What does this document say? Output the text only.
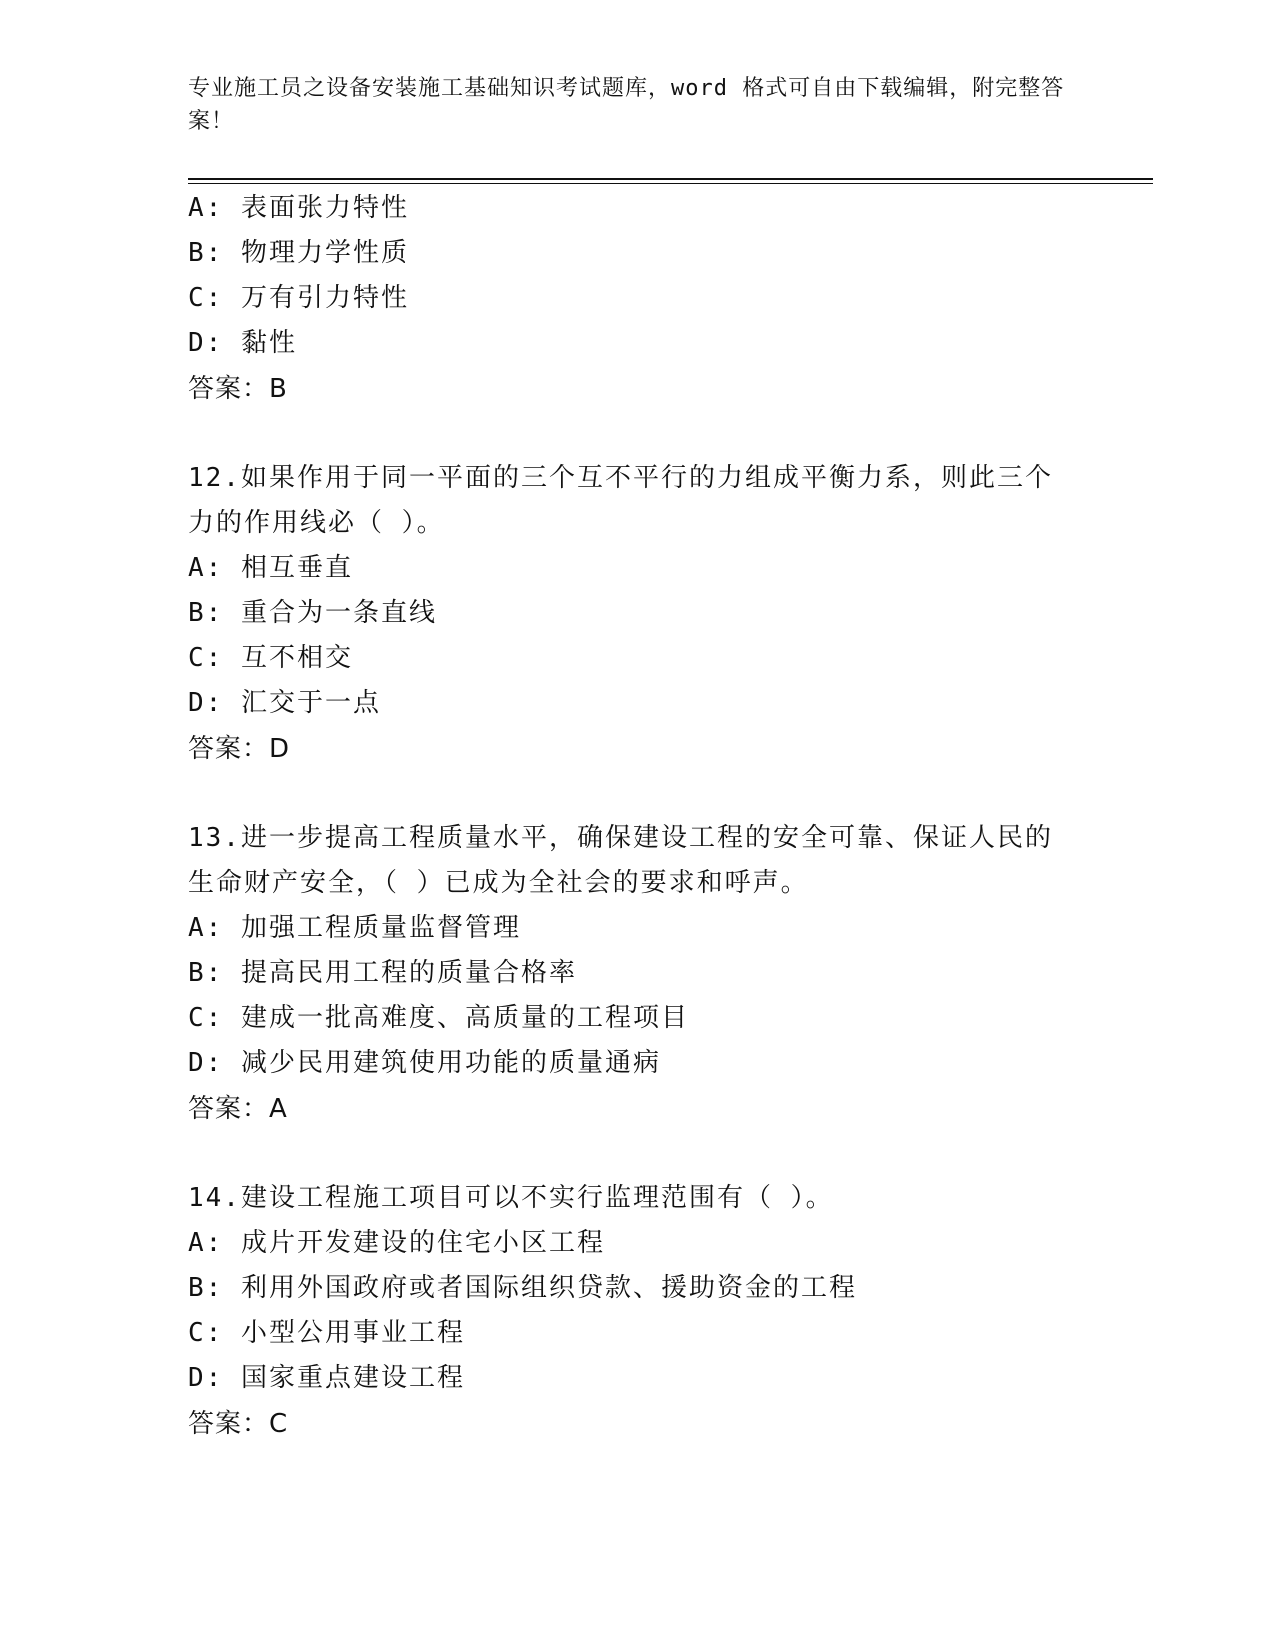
专业施工员之设备安装施工基础知识考试题库，word 格式可自由下载编辑，附完整答案！
A: 表面张力特性
B: 物理力学性质
C: 万有引力特性
D: 黏性
答案：B
12.如果作用于同一平面的三个互不平行的力组成平衡力系，则此三个
力的作用线必（ ）。
A: 相互垂直
B: 重合为一条直线
C: 互不相交
D: 汇交于一点
答案：D
13.进一步提高工程质量水平，确保建设工程的安全可靠、保证人民的
生命财产安全，（ ）已成为全社会的要求和呼声。
A: 加强工程质量监督管理
B: 提高民用工程的质量合格率
C: 建成一批高难度、高质量的工程项目
D: 减少民用建筑使用功能的质量通病
答案：A
14.建设工程施工项目可以不实行监理范围有（ ）。
A: 成片开发建设的住宅小区工程
B: 利用外国政府或者国际组织贷款、援助资金的工程
C: 小型公用事业工程
D: 国家重点建设工程
答案：C
